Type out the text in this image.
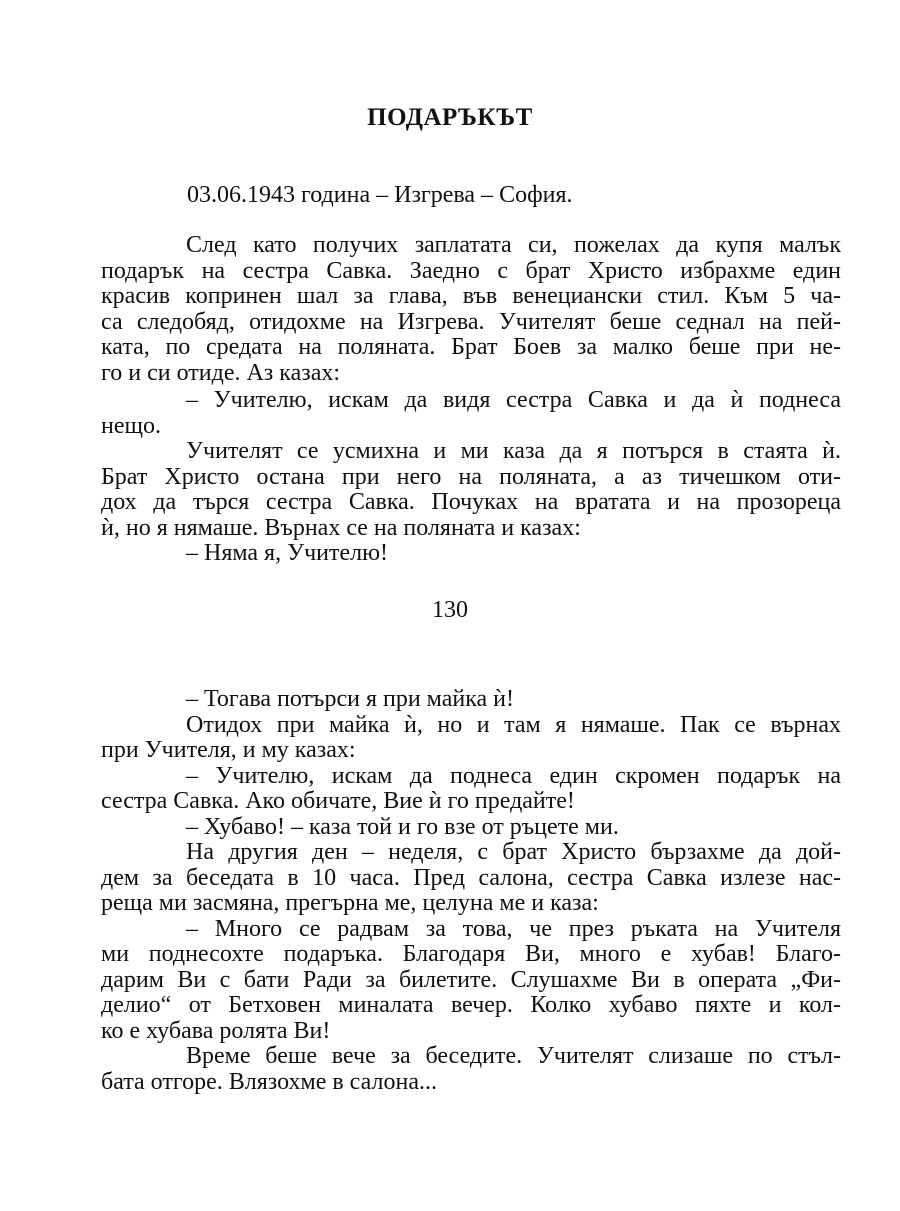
ПОДАРЪКЪТ
03.06.1943 година – Изгрева – София.
След като получих заплатата си, пожелах да купя малък
подарък на сестра Савка. Заедно с брат Христо избрахме един
красив копринен шал за глава, във венециански стил. Към 5 ча-
са следобяд, отидохме на Изгрева. Учителят беше седнал на пей-
ката, по средата на поляната. Брат Боев за малко беше при не-
го и си отиде. Аз казах:
– Учителю, искам да видя сестра Савка и да ѝ поднеса
нещо.
Учителят се усмихна и ми каза да я потърся в стаята ѝ.
Брат Христо остана при него на поляната, а аз тичешком оти-
дох да търся сестра Савка. Почуках на вратата и на прозореца
ѝ, но я нямаше. Върнах се на поляната и казах:
– Няма я, Учителю!
130
– Тогава потърси я при майка ѝ!
Отидох при майка ѝ, но и там я нямаше. Пак се върнах
при Учителя, и му казах:
– Учителю, искам да поднеса един скромен подарък на
сестра Савка. Ако обичате, Вие ѝ го предайте!
– Хубаво! – каза той и го взе от ръцете ми.
На другия ден – неделя, с брат Христо бързахме да дой-
дем за беседата в 10 часа. Пред салона, сестра Савка излезе нас-
реща ми засмяна, прегърна ме, целуна ме и каза:
– Много се радвам за това, че през ръката на Учителя
ми поднесохте подаръка. Благодаря Ви, много е хубав! Благо-
дарим Ви с бати Ради за билетите. Слушахме Ви в операта „Фи-
делио“ от Бетховен миналата вечер. Колко хубаво пяхте и кол-
ко е хубава ролята Ви!
Време беше вече за беседите. Учителят слизаше по стъл-
бата отгоре. Влязохме в салона...
